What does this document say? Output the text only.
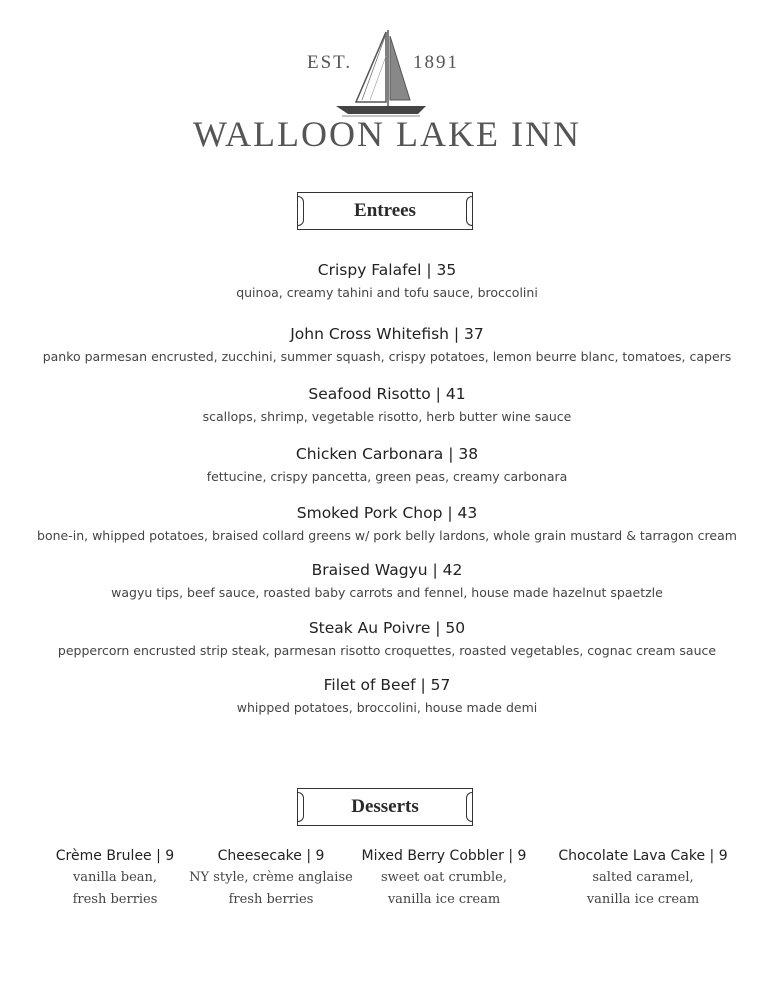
EST.	1891
WALLOON LAKE INN
Entrees
Crispy Falafel | 35
quinoa, creamy tahini and tofu sauce, broccolini
John Cross Whitefish | 37
panko parmesan encrusted, zucchini, summer squash, crispy potatoes, lemon beurre blanc, tomatoes, capers
Seafood Risotto | 41
scallops, shrimp, vegetable risotto, herb butter wine sauce
Chicken Carbonara | 38
fettucine, crispy pancetta, green peas, creamy carbonara
Smoked Pork Chop | 43
bone-in, whipped potatoes, braised collard greens w/ pork belly lardons, whole grain mustard & tarragon cream
Braised Wagyu | 42
wagyu tips, beef sauce, roasted baby carrots and fennel, house made hazelnut spaetzle
Steak Au Poivre | 50
peppercorn encrusted strip steak, parmesan risotto croquettes, roasted vegetables, cognac cream sauce
Filet of Beef | 57
whipped potatoes, broccolini, house made demi
Desserts
Crème Brulee | 9
vanilla bean,
fresh berries
Cheesecake | 9
NY style, crème anglaise
fresh berries
Mixed Berry Cobbler | 9
sweet oat crumble,
vanilla ice cream
Chocolate Lava Cake | 9
salted caramel,
vanilla ice cream
